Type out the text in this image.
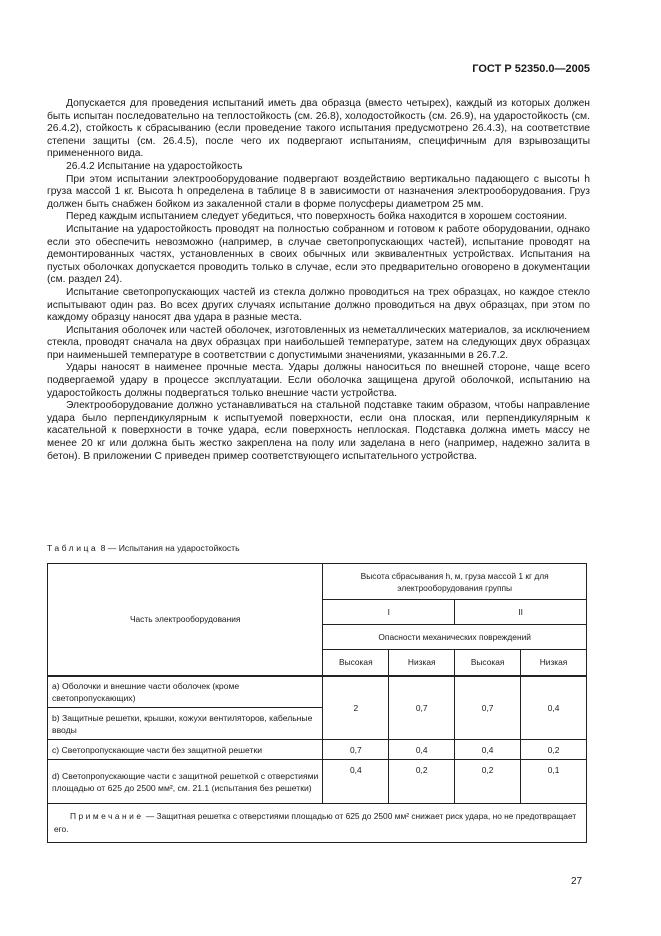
ГОСТ Р 52350.0—2005

Допускается для проведения испытаний иметь два образца (вместо четырех), каждый из которых должен быть испытан последовательно на теплостойкость (см. 26.8), холодостойкость (см. 26.9), на ударостойкость (см. 26.4.2), стойкость к сбрасыванию (если проведение такого испытания предусмотрено 26.4.3), на соответствие степени защиты (см. 26.4.5), после чего их подвергают испытаниям, специфичным для взрывозащиты примененного вида.

26.4.2 Испытание на ударостойкость

При этом испытании электрооборудование подвергают воздействию вертикально падающего с высоты h груза массой 1 кг. Высота h определена в таблице 8 в зависимости от назначения электрооборудования. Груз должен быть снабжен бойком из закаленной стали в форме полусферы диаметром 25 мм.

Перед каждым испытанием следует убедиться, что поверхность бойка находится в хорошем состоянии.

Испытание на ударостойкость проводят на полностью собранном и готовом к работе оборудовании, однако если это обеспечить невозможно (например, в случае светопропускающих частей), испытание проводят на демонтированных частях, установленных в своих обычных или эквивалентных устройствах. Испытания на пустых оболочках допускается проводить только в случае, если это предварительно оговорено в документации (см. раздел 24).

Испытание светопропускающих частей из стекла должно проводиться на трех образцах, но каждое стекло испытывают один раз. Во всех других случаях испытание должно проводиться на двух образцах, при этом по каждому образцу наносят два удара в разные места.

Испытания оболочек или частей оболочек, изготовленных из неметаллических материалов, за исключением стекла, проводят сначала на двух образцах при наибольшей температуре, затем на следующих двух образцах при наименьшей температуре в соответствии с допустимыми значениями, указанными в 26.7.2.

Удары наносят в наименее прочные места. Удары должны наноситься по внешней стороне, чаще всего подвергаемой удару в процессе эксплуатации. Если оболочка защищена другой оболочкой, испытанию на ударостойкость должны подвергаться только внешние части устройства.

Электрооборудование должно устанавливаться на стальной подставке таким образом, чтобы направление удара было перпендикулярным к испытуемой поверхности, если она плоская, или перпендикулярным к касательной к поверхности в точке удара, если поверхность неплоская. Подставка должна иметь массу не менее 20 кг или должна быть жестко закреплена на полу или заделана в него (например, надежно залита в бетон). В приложении С приведен пример соответствующего испытательного устройства.

Таблица 8 — Испытания на ударостойкость
Часть электрооборудования	Высота сбрасывания h, м, груза массой 1 кг для электрооборудования группы			
	I		II	
	Опасности механических повреждений			
	Высокая	Низкая	Высокая	Низкая
a) Оболочки и внешние части оболочек (кроме светопропускающих)	2	0,7	0,7	0,4
b) Защитные решетки, крышки, кожухи вентиляторов, кабельные вводы				
c) Светопропускающие части без защитной решетки	0,7	0,4	0,4	0,2
d) Светопропускающие части с защитной решеткой с отверстиями площадью от 625 до 2500 мм², см. 21.1 (испытания без решетки)	0,4	0,2	0,2	0,1
Примечание — Защитная решетка с отверстиями площадью от 625 до 2500 мм² снижает риск удара, но не предотвращает его.				
27
